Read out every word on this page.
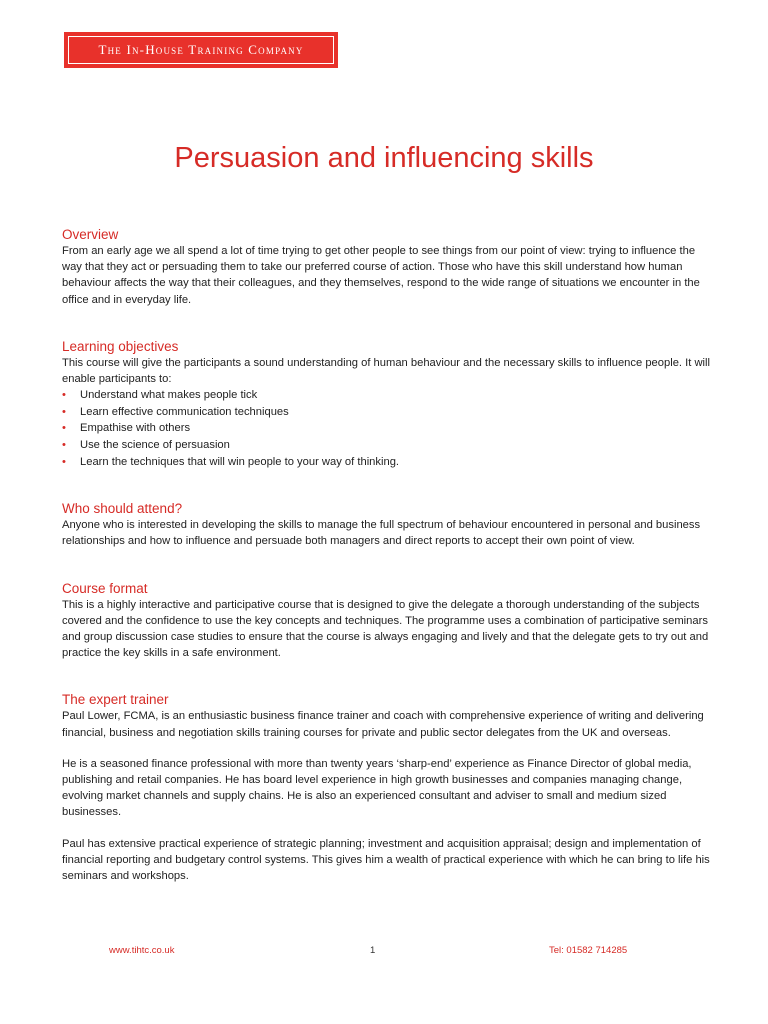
The In-House Training Company
Persuasion and influencing skills
Overview

From an early age we all spend a lot of time trying to get other people to see things from our point of view: trying to influence the way that they act or persuading them to take our preferred course of action. Those who have this skill understand how human behaviour affects the way that their colleagues, and they themselves, respond to the wide range of situations we encounter in the office and in everyday life.

Learning objectives

This course will give the participants a sound understanding of human behaviour and the necessary skills to influence people. It will enable participants to:

• Understand what makes people tick
• Learn effective communication techniques
• Empathise with others
• Use the science of persuasion
• Learn the techniques that will win people to your way of thinking.
Who should attend?

Anyone who is interested in developing the skills to manage the full spectrum of behaviour encountered in personal and business relationships and how to influence and persuade both managers and direct reports to accept their own point of view.

Course format

This is a highly interactive and participative course that is designed to give the delegate a thorough understanding of the subjects covered and the confidence to use the key concepts and techniques. The programme uses a combination of participative seminars and group discussion case studies to ensure that the course is always engaging and lively and that the delegate gets to try out and practice the key skills in a safe environment.

The expert trainer

Paul Lower, FCMA, is an enthusiastic business finance trainer and coach with comprehensive experience of writing and delivering financial, business and negotiation skills training courses for private and public sector delegates from the UK and overseas.

He is a seasoned finance professional with more than twenty years ‘sharp-end’ experience as Finance Director of global media, publishing and retail companies. He has board level experience in high growth businesses and companies managing change, evolving market channels and supply chains. He is also an experienced consultant and adviser to small and medium sized businesses.

Paul has extensive practical experience of strategic planning; investment and acquisition appraisal; design and implementation of financial reporting and budgetary control systems. This gives him a wealth of practical experience with which he can bring to life his seminars and workshops.

www.tihtc.co.uk	1	Tel: 01582 714285
